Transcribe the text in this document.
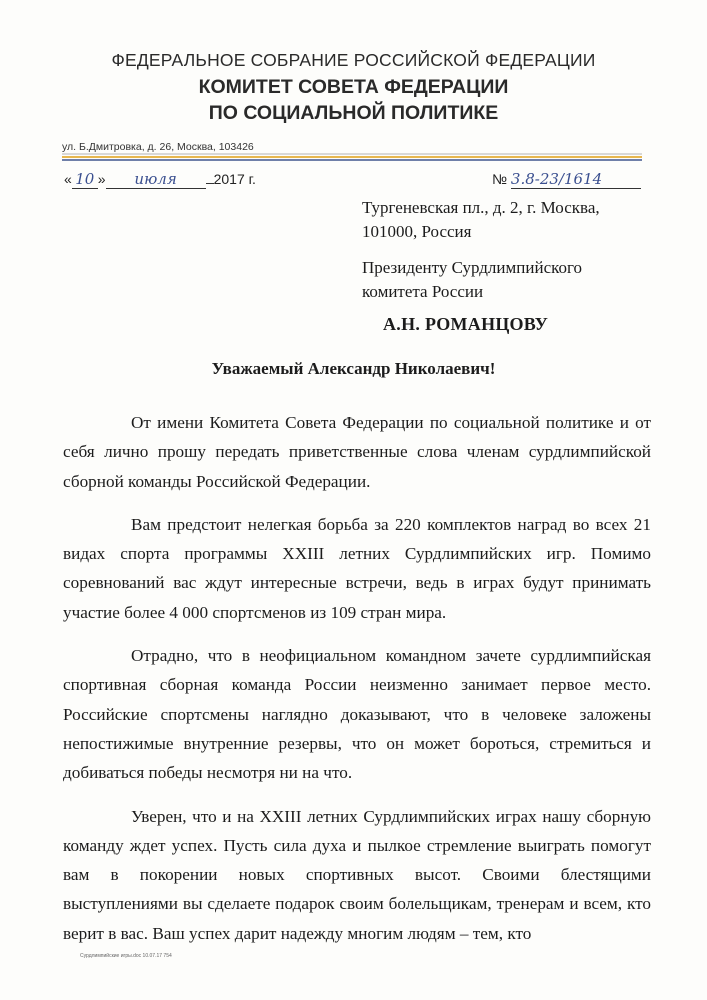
ФЕДЕРАЛЬНОЕ СОБРАНИЕ РОССИЙСКОЙ ФЕДЕРАЦИИ
КОМИТЕТ СОВЕТА ФЕДЕРАЦИИ
ПО СОЦИАЛЬНОЙ ПОЛИТИКЕ
ул. Б.Дмитровка, д. 26, Москва, 103426
« 10 » июля	2017 г.	№ 3.8-23/1614
Тургеневская пл., д. 2, г. Москва,
101000, Россия
Президенту Сурдлимпийского
комитета России
А.Н. РОМАНЦОВУ
Уважаемый Александр Николаевич!

От имени Комитета Совета Федерации по социальной политике и от себя лично прошу передать приветственные слова членам сурдлимпийской сборной команды Российской Федерации.

Вам предстоит нелегкая борьба за 220 комплектов наград во всех 21 видах спорта программы XXIII летних Сурдлимпийских игр. Помимо соревнований вас ждут интересные встречи, ведь в играх будут принимать участие более 4 000 спортсменов из 109 стран мира.

Отрадно, что в неофициальном командном зачете сурдлимпийская спортивная сборная команда России неизменно занимает первое место. Российские спортсмены наглядно доказывают, что в человеке заложены непостижимые внутренние резервы, что он может бороться, стремиться и добиваться победы несмотря ни на что.

Уверен, что и на XXIII летних Сурдлимпийских играх нашу сборную команду ждет успех. Пусть сила духа и пылкое стремление выиграть помогут вам в покорении новых спортивных высот. Своими блестящими выступлениями вы сделаете подарок своим болельщикам, тренерам и всем, кто верит в вас. Ваш успех дарит надежду многим людям – тем, кто

Сурдлимпийские игры.doc 10.07.17 754
